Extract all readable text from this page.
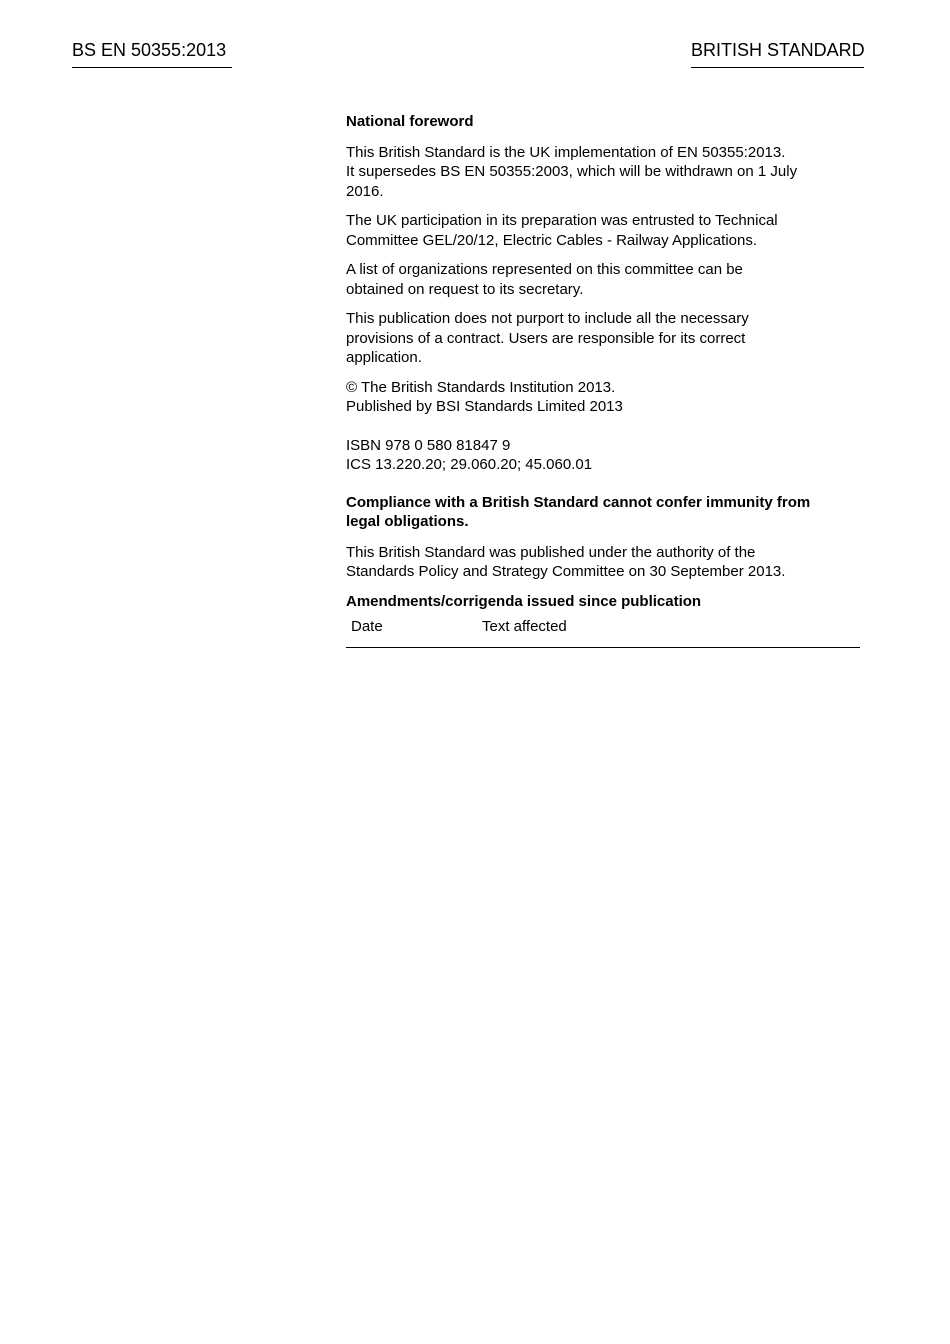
BS EN 50355:2013	BRITISH STANDARD

National foreword

This British Standard is the UK implementation of EN 50355:2013.
It supersedes BS EN 50355:2003, which will be withdrawn on 1 July
2016.
The UK participation in its preparation was entrusted to Technical
Committee GEL/20/12, Electric Cables - Railway Applications.
A list of organizations represented on this committee can be
obtained on request to its secretary.
This publication does not purport to include all the necessary
provisions of a contract. Users are responsible for its correct
application.
© The British Standards Institution 2013.
Published by BSI Standards Limited 2013
ISBN 978 0 580 81847 9
ICS 13.220.20; 29.060.20; 45.060.01
Compliance with a British Standard cannot confer immunity from
legal obligations.
This British Standard was published under the authority of the
Standards Policy and Strategy Committee on 30 September 2013.

Amendments/corrigenda issued since publication

Date	Text affected
